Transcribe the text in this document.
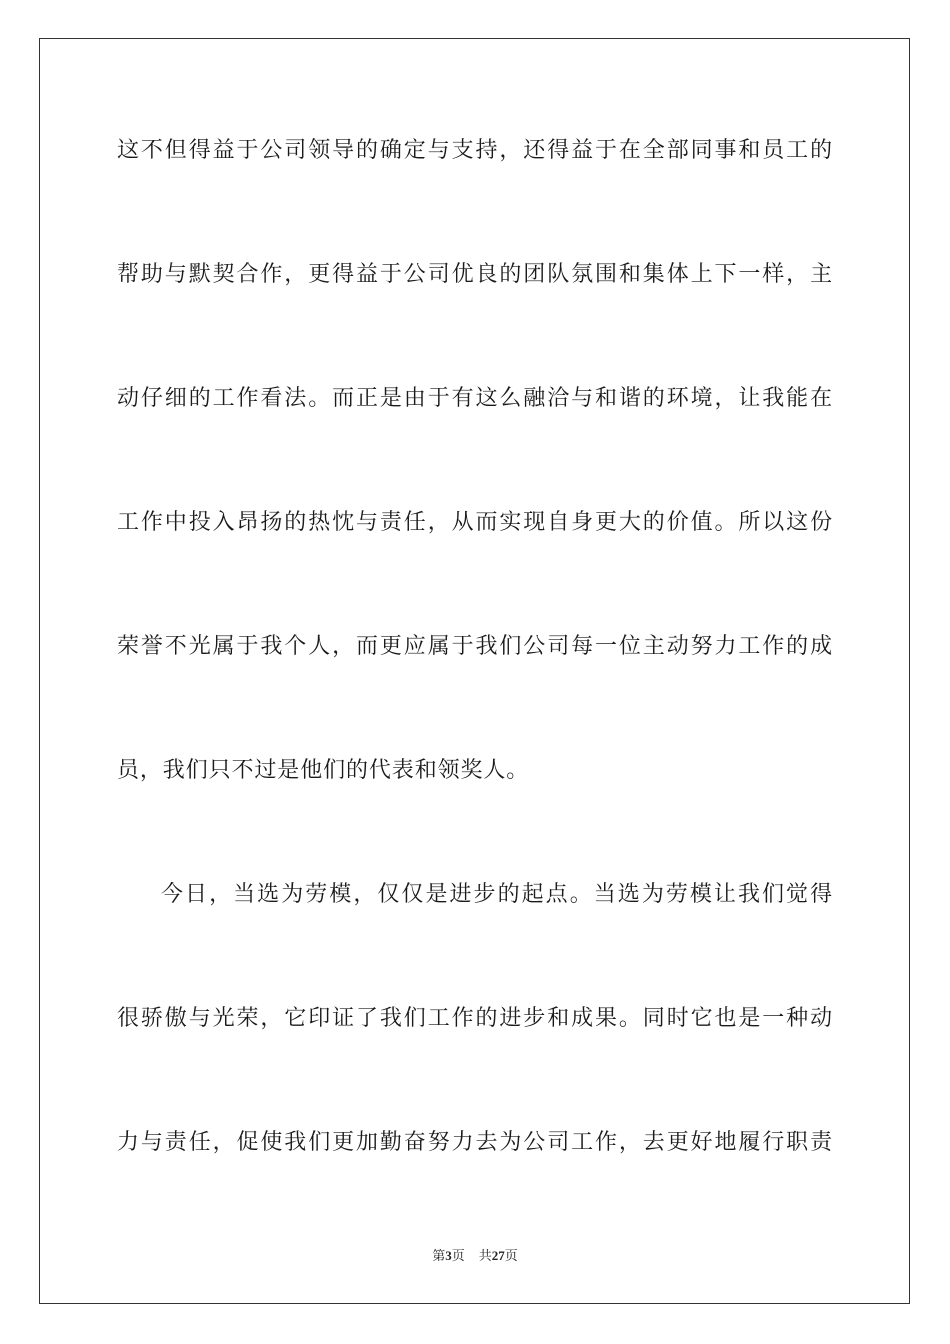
这不但得益于公司领导的确定与支持，还得益于在全部同事和员工的
帮助与默契合作，更得益于公司优良的团队氛围和集体上下一样，主
动仔细的工作看法。而正是由于有这么融洽与和谐的环境，让我能在
工作中投入昂扬的热忱与责任，从而实现自身更大的价值。所以这份
荣誉不光属于我个人，而更应属于我们公司每一位主动努力工作的成
员，我们只不过是他们的代表和领奖人。
今日，当选为劳模，仅仅是进步的起点。当选为劳模让我们觉得
很骄傲与光荣，它印证了我们工作的进步和成果。同时它也是一种动
力与责任，促使我们更加勤奋努力去为公司工作，去更好地履行职责
第3页 共27页
